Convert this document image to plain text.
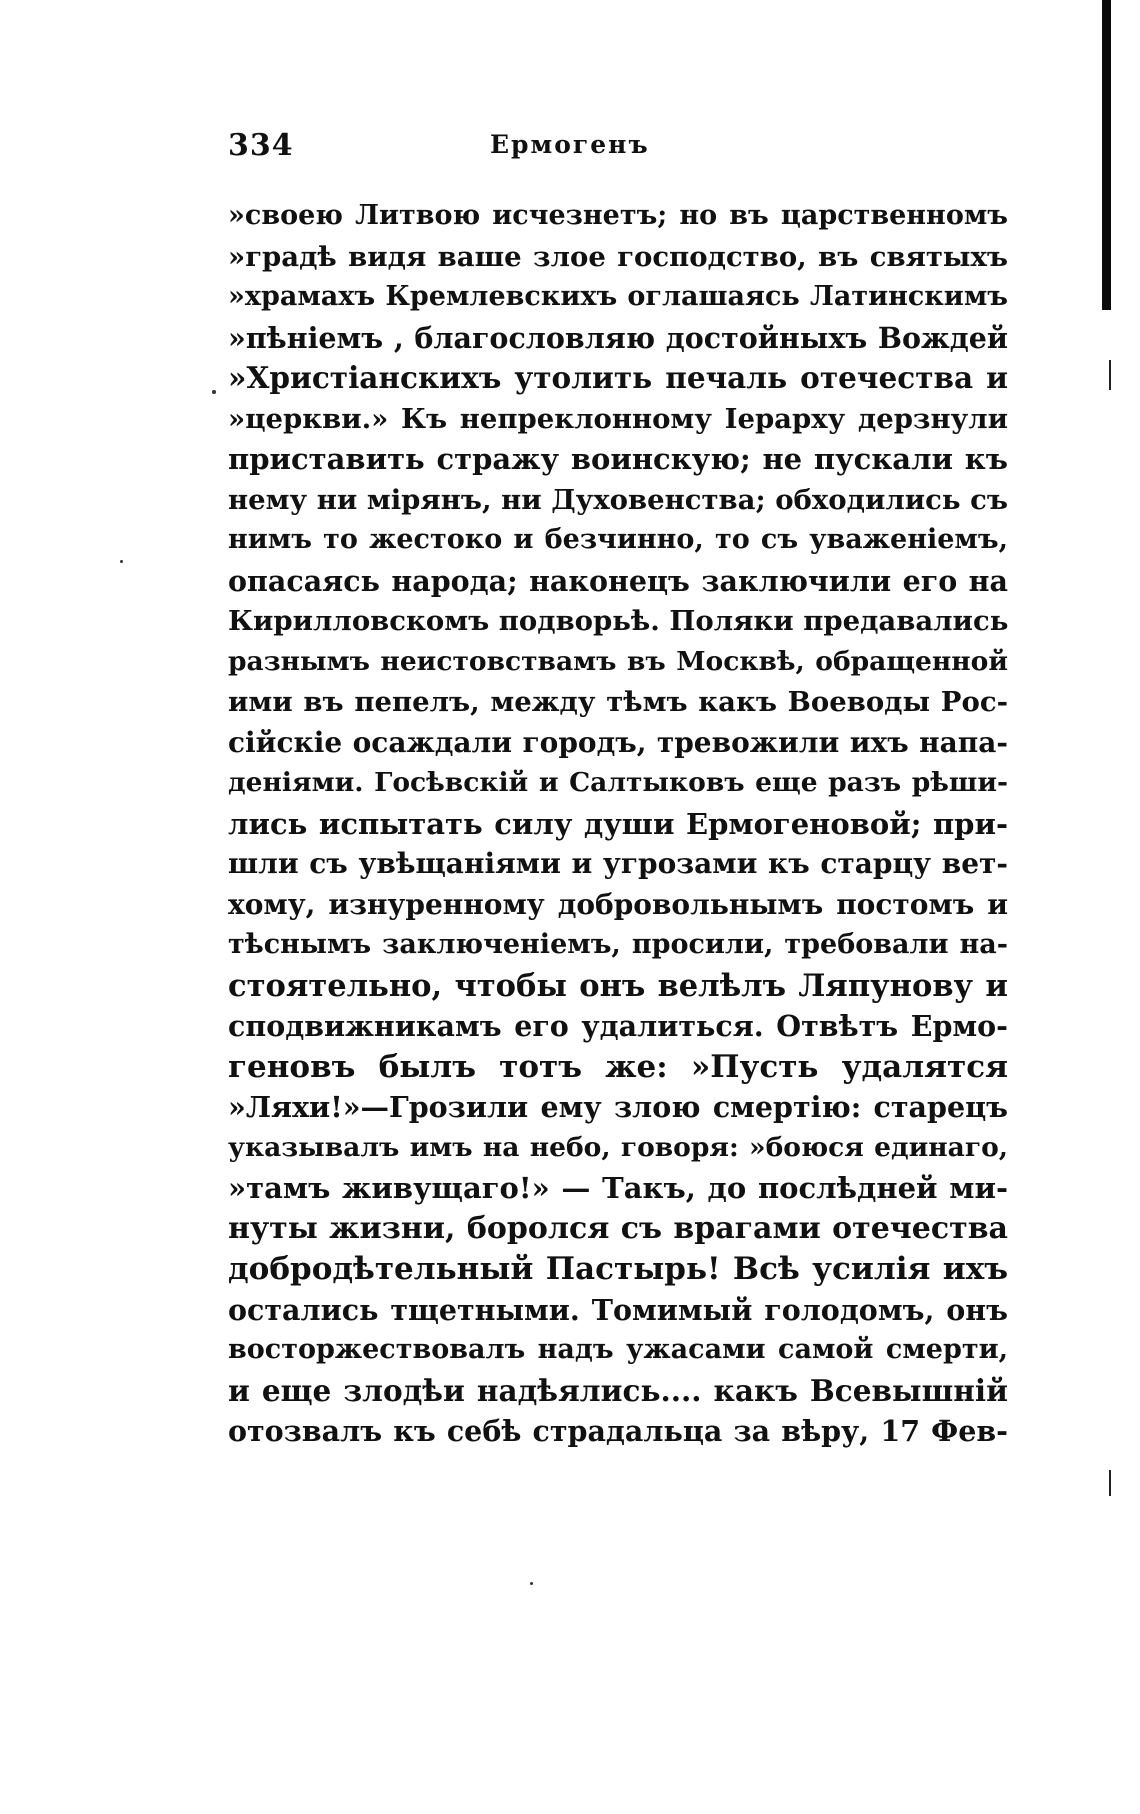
334	Ермогенъ
»своею Литвою исчезнетъ; но въ царственномъ
»градѣ видя ваше злое господство, въ святыхъ
»храмахъ Кремлевскихъ оглашаясь Латинскимъ
»пѣніемъ , благословляю достойныхъ Вождей
»Христіанскихъ утолить печаль отечества и
»церкви.» Къ непреклонному Іерарху дерзнули
приставить стражу воинскую; не пускали къ
нему ни мірянъ, ни Духовенства; обходились съ
нимъ то жестоко и безчинно, то съ уваженіемъ,
опасаясь народа; наконецъ заключили его на
Кирилловскомъ подворьѣ. Поляки предавались
разнымъ неистовствамъ въ Москвѣ, обращенной
ими въ пепелъ, между тѣмъ какъ Воеводы Рос-
сійскіе осаждали городъ, тревожили ихъ напа-
деніями. Госѣвскій и Салтыковъ еще разъ рѣши-
лись испытать силу души Ермогеновой; при-
шли съ увѣщаніями и угрозами къ старцу вет-
хому, изнуренному добровольнымъ постомъ и
тѣснымъ заключеніемъ, просили, требовали на-
стоятельно, чтобы онъ велѣлъ Ляпунову и
сподвижникамъ его удалиться. Отвѣтъ Ермо-
геновъ былъ тотъ же: »Пусть удалятся
»Ляхи!»—Грозили ему злою смертію: старецъ
указывалъ имъ на небо, говоря: »боюся единаго,
»тамъ живущаго!» — Такъ, до послѣдней ми-
нуты жизни, боролся съ врагами отечества
добродѣтельный Пастырь! Всѣ усилія ихъ
остались тщетными. Томимый голодомъ, онъ
восторжествовалъ надъ ужасами самой смерти,
и еще злодѣи надѣялись.... какъ Всевышній
отозвалъ къ себѣ страдальца за вѣру, 17 Фев-
